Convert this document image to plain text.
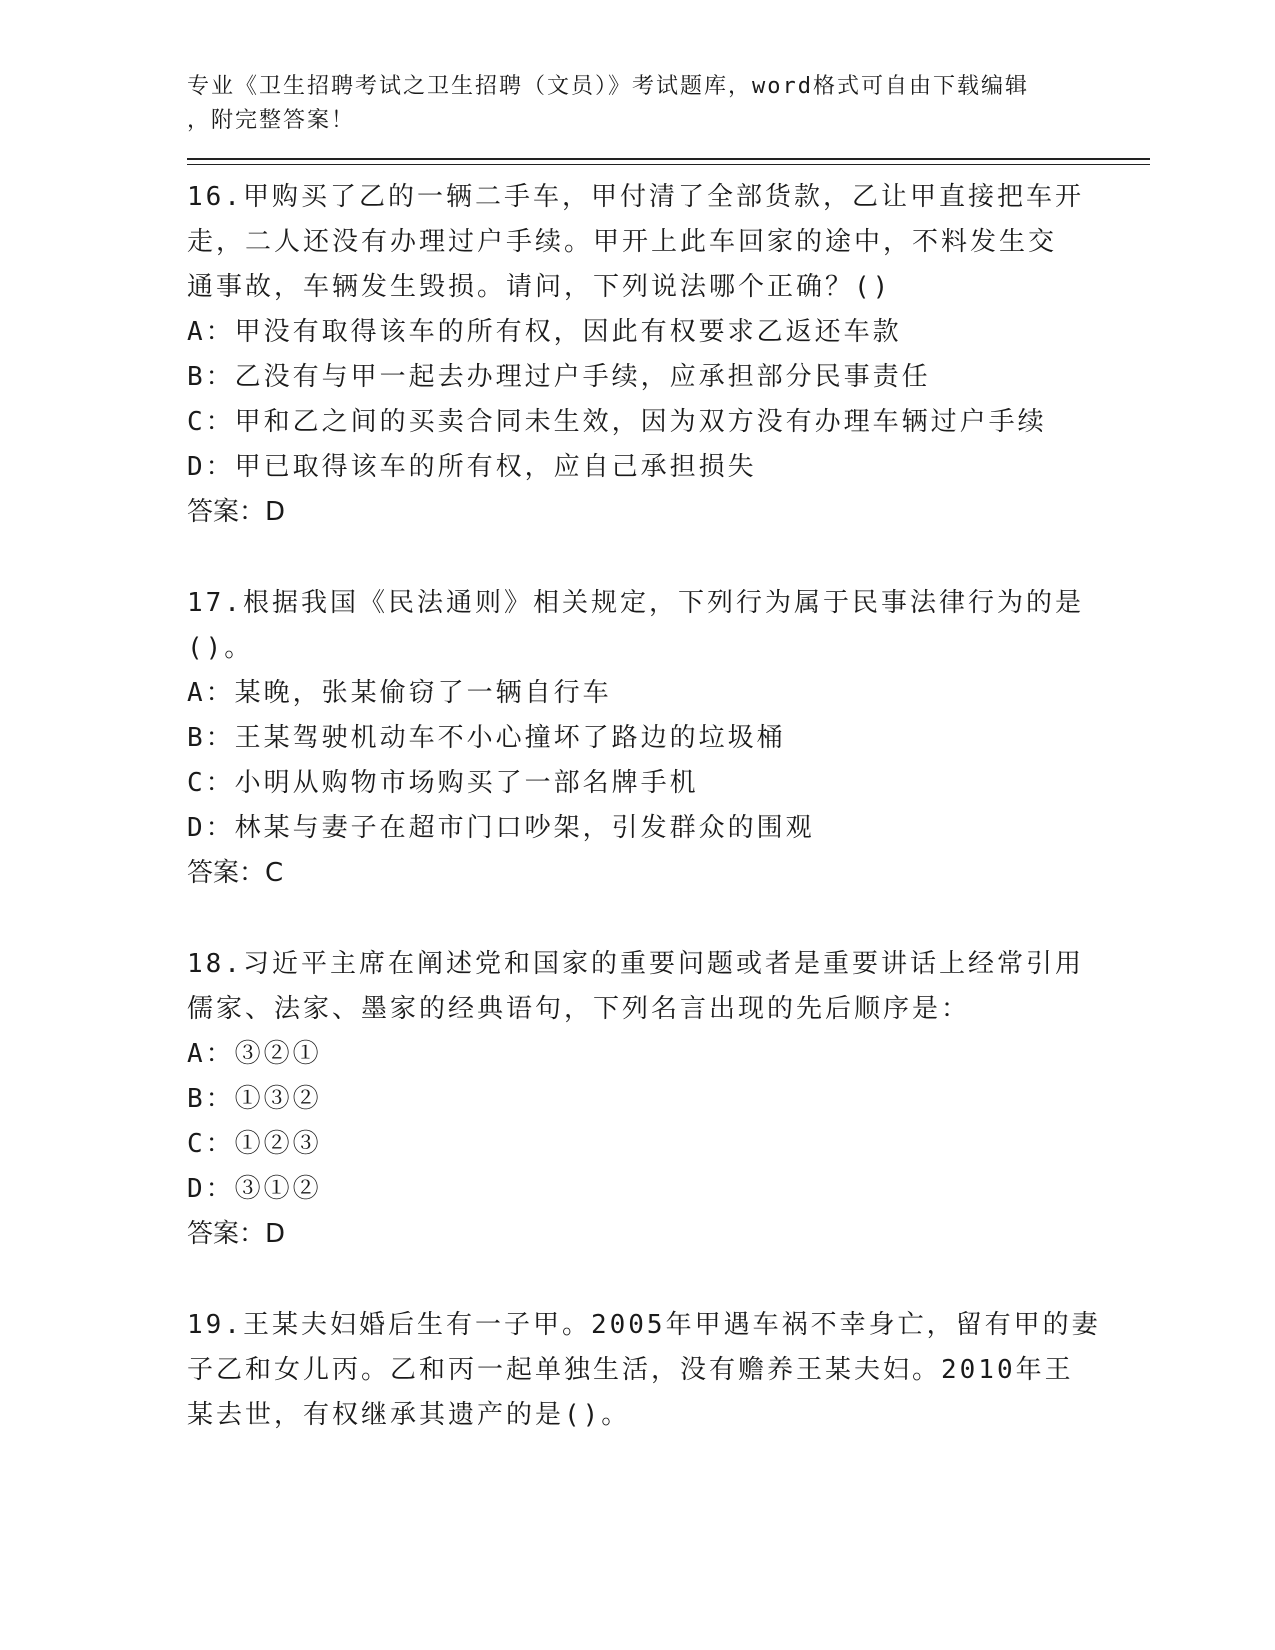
专业《卫生招聘考试之卫生招聘（文员）》考试题库，word格式可自由下载编辑
，附完整答案！

16.甲购买了乙的一辆二手车，甲付清了全部货款，乙让甲直接把车开

走，二人还没有办理过户手续。甲开上此车回家的途中，不料发生交

通事故，车辆发生毁损。请问，下列说法哪个正确？()

A：甲没有取得该车的所有权，因此有权要求乙返还车款

B：乙没有与甲一起去办理过户手续，应承担部分民事责任

C：甲和乙之间的买卖合同未生效，因为双方没有办理车辆过户手续

D：甲已取得该车的所有权，应自己承担损失

答案：D

17.根据我国《民法通则》相关规定，下列行为属于民事法律行为的是

()。

A：某晚，张某偷窃了一辆自行车

B：王某驾驶机动车不小心撞坏了路边的垃圾桶

C：小明从购物市场购买了一部名牌手机

D：林某与妻子在超市门口吵架，引发群众的围观

答案：C

18.习近平主席在阐述党和国家的重要问题或者是重要讲话上经常引用

儒家、法家、墨家的经典语句，下列名言出现的先后顺序是：

A：③②①

B：①③②

C：①②③

D：③①②

答案：D

19.王某夫妇婚后生有一子甲。2005年甲遇车祸不幸身亡，留有甲的妻

子乙和女儿丙。乙和丙一起单独生活，没有赡养王某夫妇。2010年王

某去世，有权继承其遗产的是()。
